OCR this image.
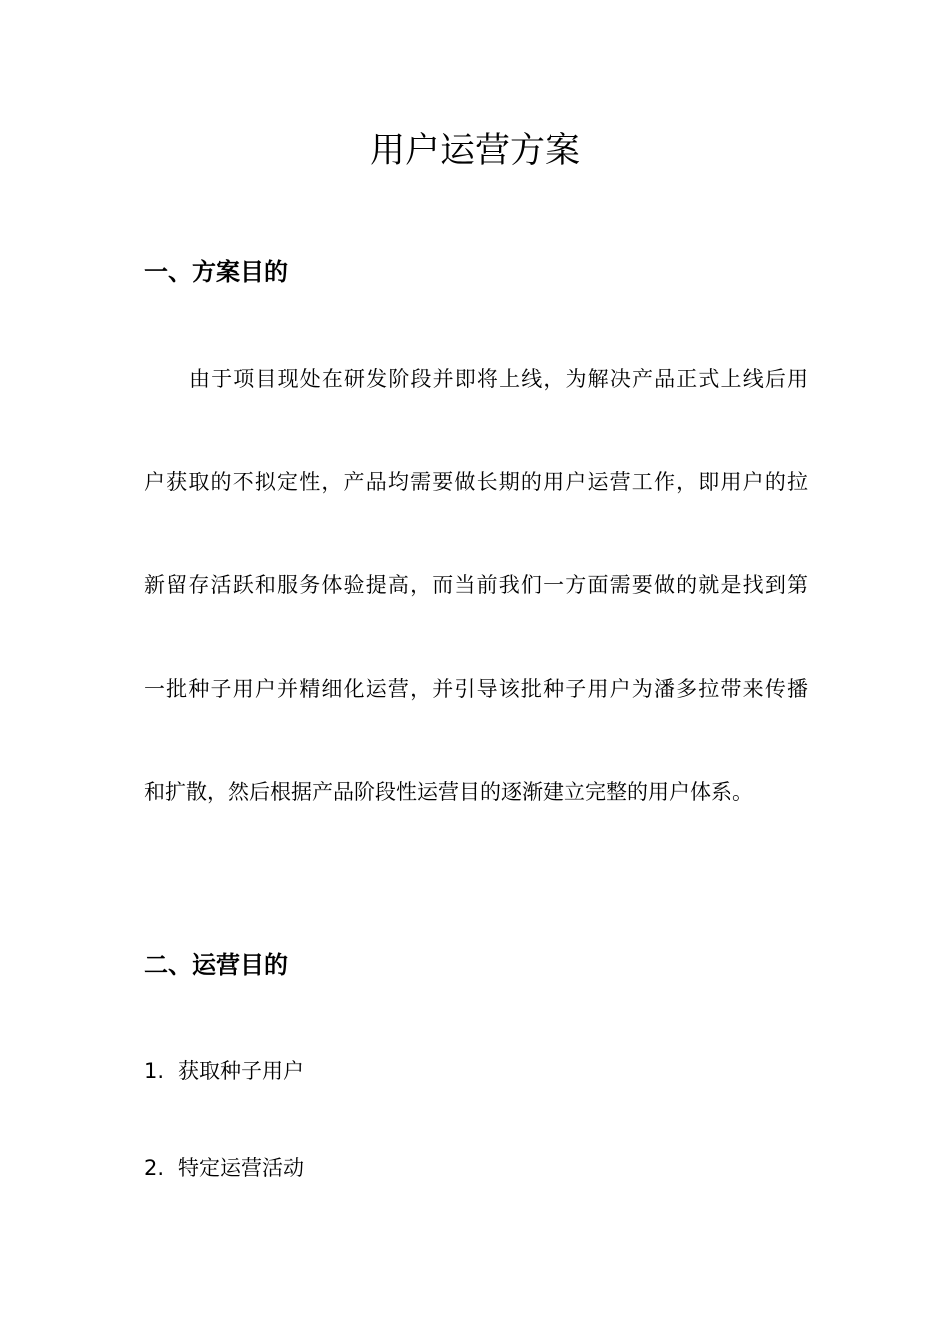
用户运营方案
一、方案目的

由于项目现处在研发阶段并即将上线，为解决产品正式上线后用

户获取的不拟定性，产品均需要做长期的用户运营工作，即用户的拉

新留存活跃和服务体验提高，而当前我们一方面需要做的就是找到第

一批种子用户并精细化运营，并引导该批种子用户为潘多拉带来传播

和扩散，然后根据产品阶段性运营目的逐渐建立完整的用户体系。

二、运营目的

1. 获取种子用户

2. 特定运营活动
